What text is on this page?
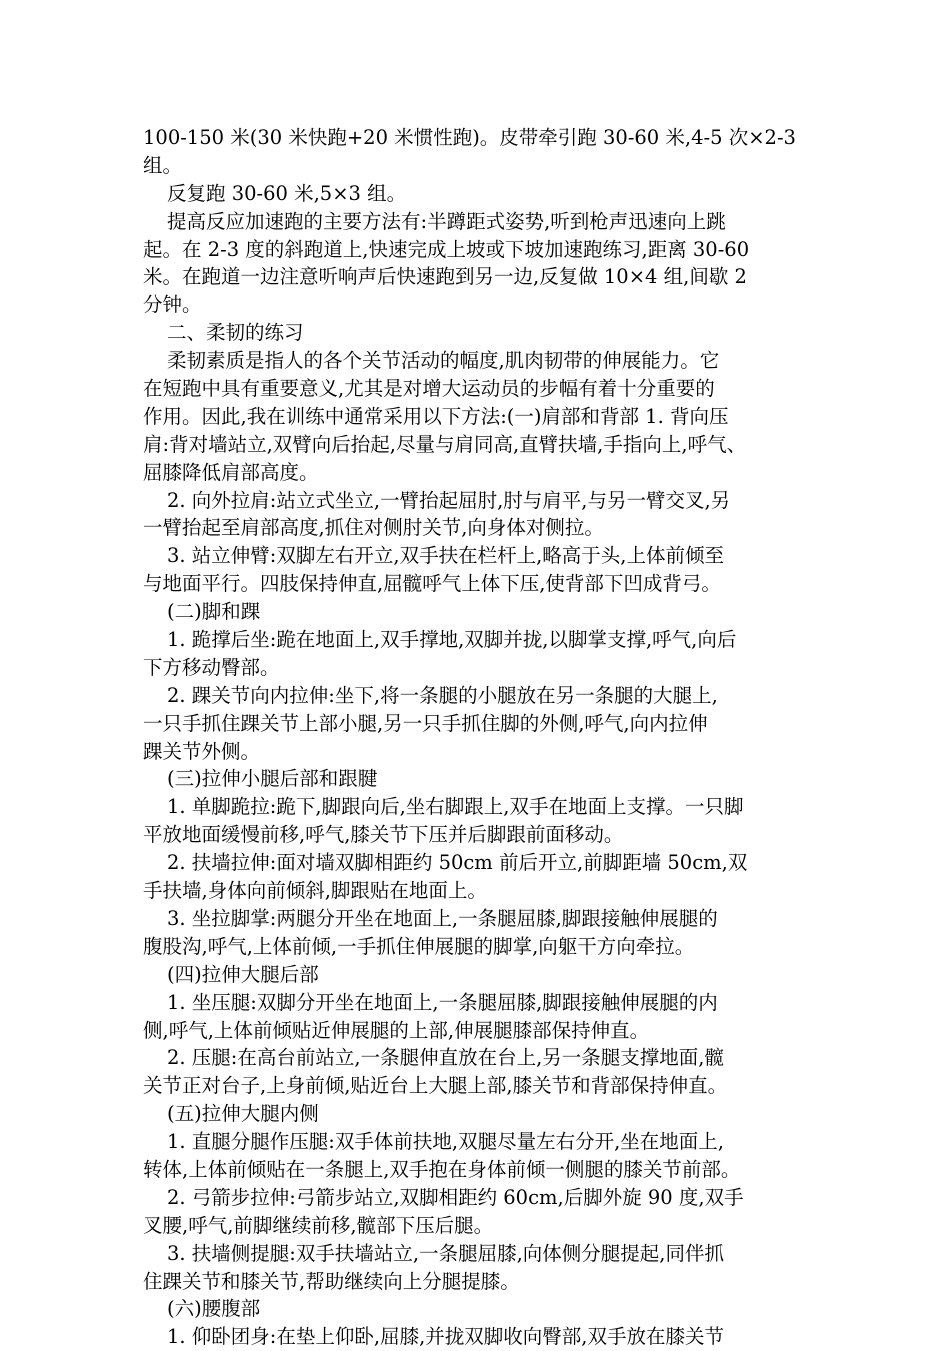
100-150 米(30 米快跑+20 米惯性跑)。皮带牵引跑 30-60 米,4-5 次×2-3
组。
反复跑 30-60 米,5×3 组。
提高反应加速跑的主要方法有:半蹲距式姿势,听到枪声迅速向上跳
起。在 2-3 度的斜跑道上,快速完成上坡或下坡加速跑练习,距离 30-60
米。在跑道一边注意听响声后快速跑到另一边,反复做 10×4 组,间歇 2
分钟。
二、柔韧的练习
柔韧素质是指人的各个关节活动的幅度,肌肉韧带的伸展能力。它
在短跑中具有重要意义,尤其是对增大运动员的步幅有着十分重要的
作用。因此,我在训练中通常采用以下方法:(一)肩部和背部 1. 背向压
肩:背对墙站立,双臂向后抬起,尽量与肩同高,直臂扶墙,手指向上,呼气、
屈膝降低肩部高度。
2. 向外拉肩:站立式坐立,一臂抬起屈肘,肘与肩平,与另一臂交叉,另
一臂抬起至肩部高度,抓住对侧肘关节,向身体对侧拉。
3. 站立伸臂:双脚左右开立,双手扶在栏杆上,略高于头,上体前倾至
与地面平行。四肢保持伸直,屈髋呼气上体下压,使背部下凹成背弓。
(二)脚和踝
1. 跪撑后坐:跪在地面上,双手撑地,双脚并拢,以脚掌支撑,呼气,向后
下方移动臀部。
2. 踝关节向内拉伸:坐下,将一条腿的小腿放在另一条腿的大腿上,
一只手抓住踝关节上部小腿,另一只手抓住脚的外侧,呼气,向内拉伸
踝关节外侧。
(三)拉伸小腿后部和跟腱
1. 单脚跪拉:跪下,脚跟向后,坐右脚跟上,双手在地面上支撑。一只脚
平放地面缓慢前移,呼气,膝关节下压并后脚跟前面移动。
2. 扶墙拉伸:面对墙双脚相距约 50cm 前后开立,前脚距墙 50cm,双
手扶墙,身体向前倾斜,脚跟贴在地面上。
3. 坐拉脚掌:两腿分开坐在地面上,一条腿屈膝,脚跟接触伸展腿的
腹股沟,呼气,上体前倾,一手抓住伸展腿的脚掌,向躯干方向牵拉。
(四)拉伸大腿后部
1. 坐压腿:双脚分开坐在地面上,一条腿屈膝,脚跟接触伸展腿的内
侧,呼气,上体前倾贴近伸展腿的上部,伸展腿膝部保持伸直。
2. 压腿:在高台前站立,一条腿伸直放在台上,另一条腿支撑地面,髋
关节正对台子,上身前倾,贴近台上大腿上部,膝关节和背部保持伸直。
(五)拉伸大腿内侧
1. 直腿分腿作压腿:双手体前扶地,双腿尽量左右分开,坐在地面上,
转体,上体前倾贴在一条腿上,双手抱在身体前倾一侧腿的膝关节前部。
2. 弓箭步拉伸:弓箭步站立,双脚相距约 60cm,后脚外旋 90 度,双手
叉腰,呼气,前脚继续前移,髋部下压后腿。
3. 扶墙侧提腿:双手扶墙站立,一条腿屈膝,向体侧分腿提起,同伴抓
住踝关节和膝关节,帮助继续向上分腿提膝。
(六)腰腹部
1. 仰卧团身:在垫上仰卧,屈膝,并拢双脚收向臀部,双手放在膝关节
